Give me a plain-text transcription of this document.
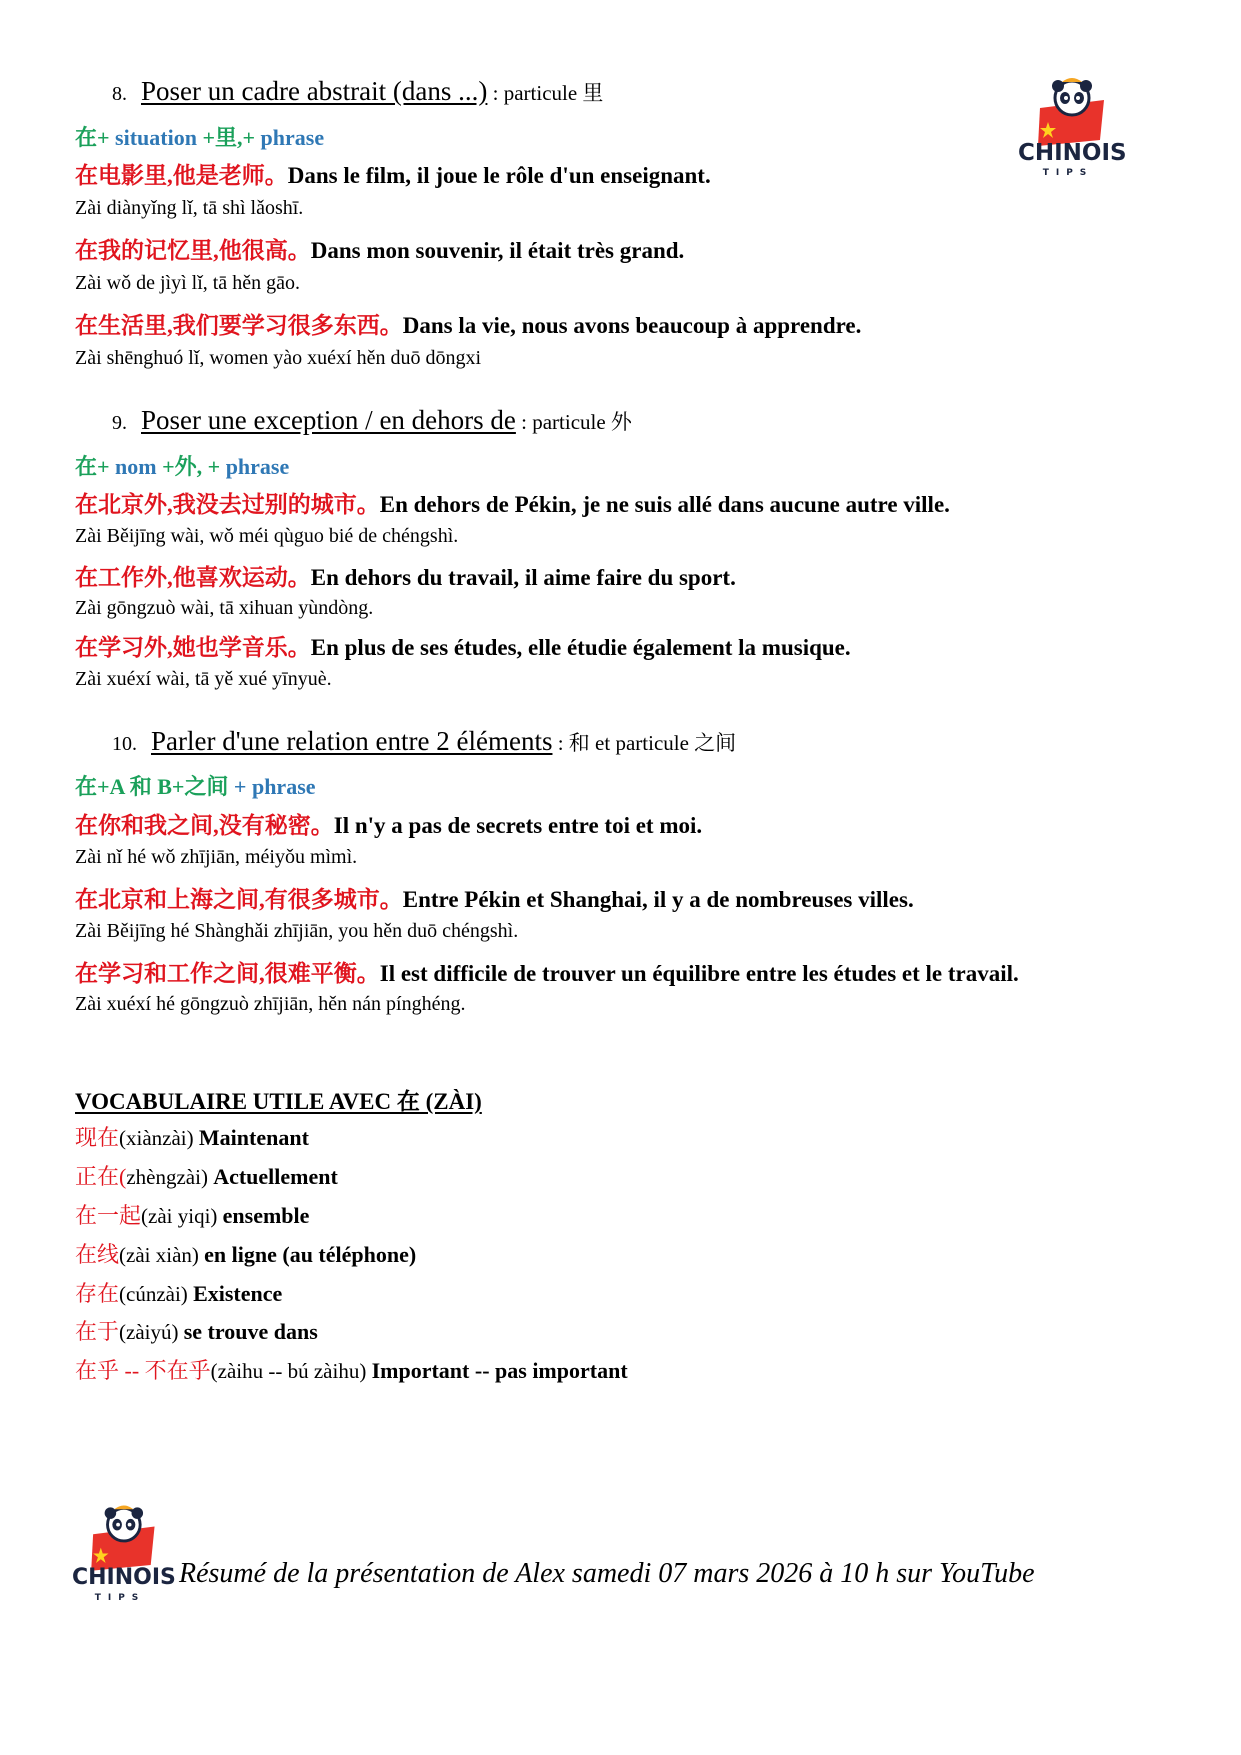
CHINOIS
TIPS
8. Poser un cadre abstrait (dans ...) : particule 里
在+ situation +里,+ phrase
在电影里,他是老师。Dans le film, il joue le rôle d'un enseignant.
Zài diànyǐng lǐ, tā shì lǎoshī.
在我的记忆里,他很高。Dans mon souvenir, il était très grand.
Zài wǒ de jìyì lǐ, tā hěn gāo.
在生活里,我们要学习很多东西。Dans la vie, nous avons beaucoup à apprendre.
Zài shēnghuó lǐ, women yào xuéxí hěn duō dōngxi
9. Poser une exception / en dehors de : particule 外
在+ nom +外, + phrase
在北京外,我没去过别的城市。En dehors de Pékin, je ne suis allé dans aucune autre ville.
Zài Běijīng wài, wǒ méi qùguo bié de chéngshì.
在工作外,他喜欢运动。En dehors du travail, il aime faire du sport.
Zài gōngzuò wài, tā xihuan yùndòng.
在学习外,她也学音乐。En plus de ses études, elle étudie également la musique.
Zài xuéxí wài, tā yě xué yīnyuè.
10. Parler d'une relation entre 2 éléments : 和 et particule 之间
在+A 和 B+之间 + phrase
在你和我之间,没有秘密。Il n'y a pas de secrets entre toi et moi.
Zài nǐ hé wǒ zhījiān, méiyǒu mìmì.
在北京和上海之间,有很多城市。Entre Pékin et Shanghai, il y a de nombreuses villes.
Zài Běijīng hé Shànghǎi zhījiān, you hěn duō chéngshì.
在学习和工作之间,很难平衡。Il est difficile de trouver un équilibre entre les études et le travail.
Zài xuéxí hé gōngzuò zhījiān, hěn nán pínghéng.
VOCABULAIRE UTILE AVEC 在 (ZÀI)
现在(xiànzài) Maintenant
正在(zhèngzài) Actuellement
在一起(zài yiqi) ensemble
在线(zài xiàn) en ligne (au téléphone)
存在(cúnzài) Existence
在于(zàiyú) se trouve dans
在乎 -- 不在乎(zàihu -- bú zàihu) Important -- pas important
CHINOIS
TIPS
Résumé de la présentation de Alex samedi 07 mars 2026 à 10 h sur YouTube
